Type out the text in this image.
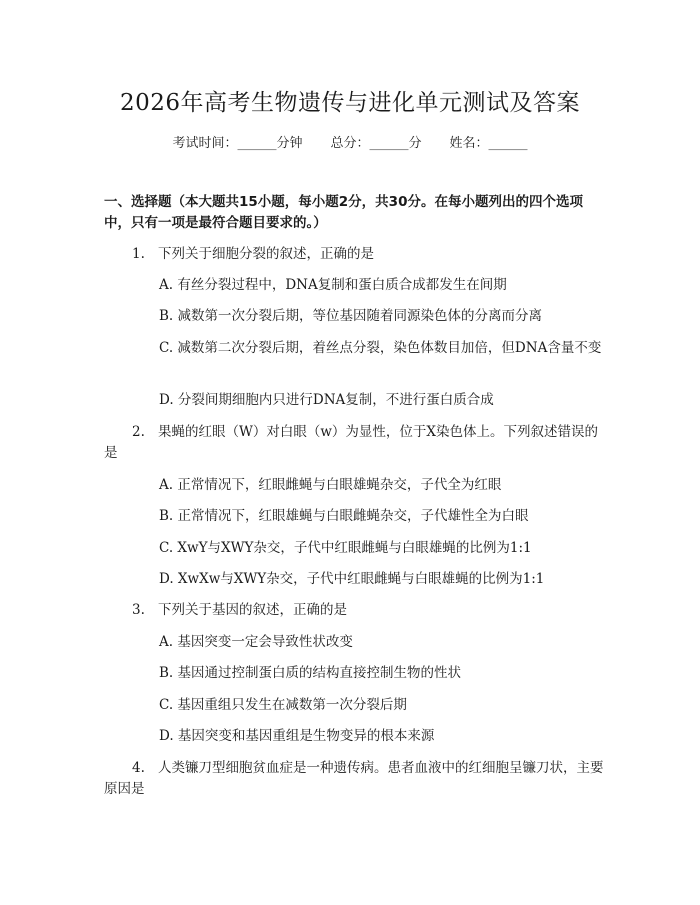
2026年高考生物遗传与进化单元测试及答案
考试时间：______分钟 总分：______分 姓名：______
一、选择题（本大题共15小题，每小题2分，共30分。在每小题列出的四个选项中，只有一项是最符合题目要求的。）
1. 下列关于细胞分裂的叙述，正确的是
A. 有丝分裂过程中，DNA复制和蛋白质合成都发生在间期
B. 减数第一次分裂后期，等位基因随着同源染色体的分离而分离
C. 减数第二次分裂后期，着丝点分裂，染色体数目加倍，但DNA含量不变
D. 分裂间期细胞内只进行DNA复制，不进行蛋白质合成
2. 果蝇的红眼（W）对白眼（w）为显性，位于X染色体上。下列叙述错误的是
A. 正常情况下，红眼雌蝇与白眼雄蝇杂交，子代全为红眼
B. 正常情况下，红眼雄蝇与白眼雌蝇杂交，子代雄性全为白眼
C. XwY与XWY杂交，子代中红眼雌蝇与白眼雄蝇的比例为1:1
D. XwXw与XWY杂交，子代中红眼雌蝇与白眼雄蝇的比例为1:1
3. 下列关于基因的叙述，正确的是
A. 基因突变一定会导致性状改变
B. 基因通过控制蛋白质的结构直接控制生物的性状
C. 基因重组只发生在减数第一次分裂后期
D. 基因突变和基因重组是生物变异的根本来源
4. 人类镰刀型细胞贫血症是一种遗传病。患者血液中的红细胞呈镰刀状，主要原因是
